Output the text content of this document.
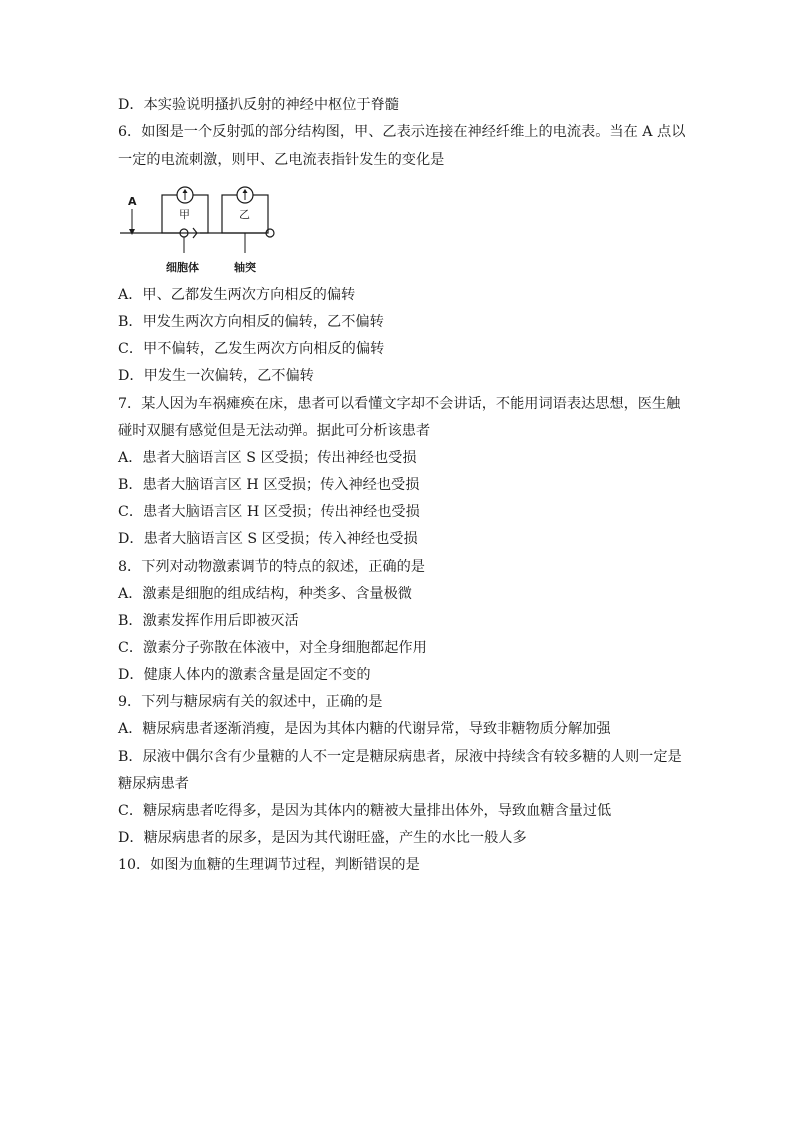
D．本实验说明搔扒反射的神经中枢位于脊髓
6．如图是一个反射弧的部分结构图，甲、乙表示连接在神经纤维上的电流表。当在 A 点以
一定的电流刺激，则甲、乙电流表指针发生的变化是
A
甲	乙
细胞体	轴突
A．甲、乙都发生两次方向相反的偏转
B．甲发生两次方向相反的偏转，乙不偏转
C．甲不偏转，乙发生两次方向相反的偏转
D．甲发生一次偏转，乙不偏转
7．某人因为车祸瘫痪在床，患者可以看懂文字却不会讲话，不能用词语表达思想，医生触
碰时双腿有感觉但是无法动弹。据此可分析该患者
A．患者大脑语言区 S 区受损；传出神经也受损
B．患者大脑语言区 H 区受损；传入神经也受损
C．患者大脑语言区 H 区受损；传出神经也受损
D．患者大脑语言区 S 区受损；传入神经也受损
8．下列对动物激素调节的特点的叙述，正确的是
A．激素是细胞的组成结构，种类多、含量极微
B．激素发挥作用后即被灭活
C．激素分子弥散在体液中，对全身细胞都起作用
D．健康人体内的激素含量是固定不变的
9．下列与糖尿病有关的叙述中，正确的是
A．糖尿病患者逐渐消瘦，是因为其体内糖的代谢异常，导致非糖物质分解加强
B．尿液中偶尔含有少量糖的人不一定是糖尿病患者，尿液中持续含有较多糖的人则一定是
糖尿病患者
C．糖尿病患者吃得多，是因为其体内的糖被大量排出体外，导致血糖含量过低
D．糖尿病患者的尿多，是因为其代谢旺盛，产生的水比一般人多
10．如图为血糖的生理调节过程，判断错误的是
